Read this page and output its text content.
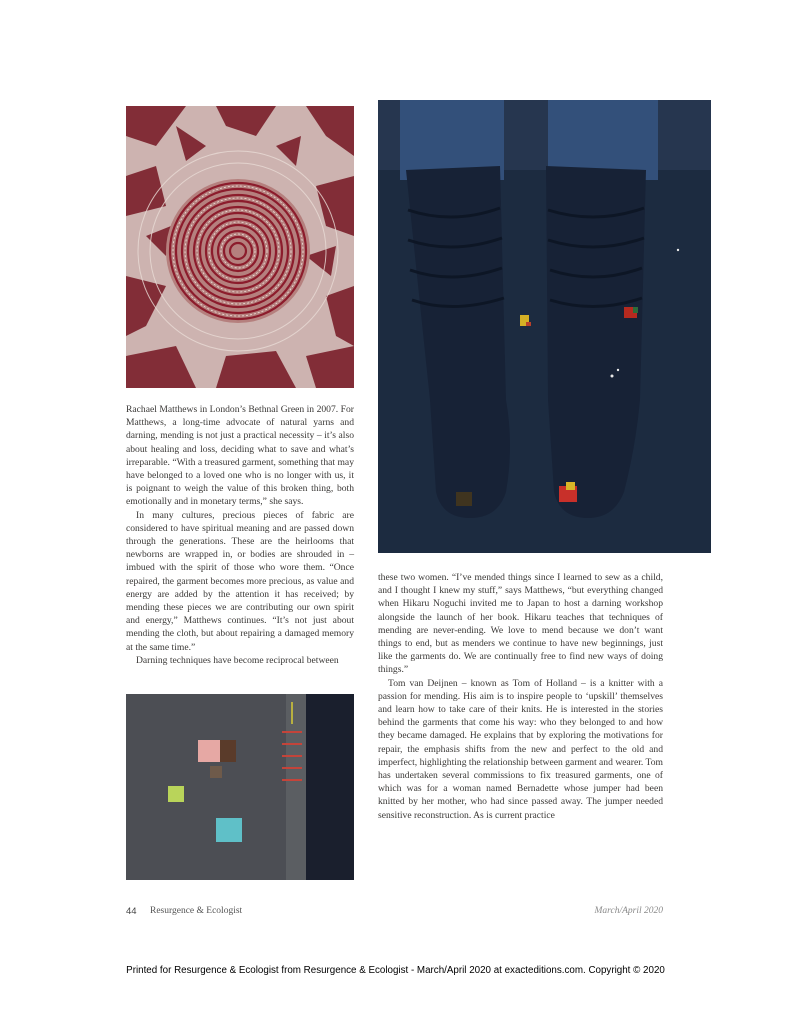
Rachael Matthews in London’s Bethnal Green in 2007. For Matthews, a long-time advocate of natural yarns and darning, mending is not just a practical necessity – it’s also about healing and loss, deciding what to save and what’s irreparable. “With a treasured garment, something that may have belonged to a loved one who is no longer with us, it is poignant to weigh the value of this broken thing, both emotionally and in monetary terms,” she says.

In many cultures, precious pieces of fabric are considered to have spiritual meaning and are passed down through the generations. These are the heirlooms that newborns are wrapped in, or bodies are shrouded in – imbued with the spirit of those who wore them. “Once repaired, the garment becomes more precious, as value and energy are added by the attention it has received; by mending these pieces we are contributing our own spirit and energy,” Matthews continues. “It’s not just about mending the cloth, but about repairing a damaged memory at the same time.”

Darning techniques have become reciprocal between

these two women. “I’ve mended things since I learned to sew as a child, and I thought I knew my stuff,” says Matthews, “but everything changed when Hikaru Noguchi invited me to Japan to host a darning workshop alongside the launch of her book. Hikaru teaches that techniques of mending are never-ending. We love to mend because we don’t want things to end, but as menders we continue to have new beginnings, just like the garments do. We are continually free to find new ways of doing things.”

Tom van Deijnen – known as Tom of Holland – is a knitter with a passion for mending. His aim is to inspire people to ‘upskill’ themselves and learn how to take care of their knits. He is interested in the stories behind the garments that come his way: who they belonged to and how they became damaged. He explains that by exploring the motivations for repair, the emphasis shifts from the new and perfect to the old and imperfect, highlighting the relationship between garment and wearer. Tom has undertaken several commissions to fix treasured garments, one of which was for a woman named Bernadette whose jumper had been knitted by her mother, who had since passed away. The jumper needed sensitive reconstruction. As is current practice

44 Resurgence & Ecologist	March/April 2020
Printed for Resurgence & Ecologist from Resurgence & Ecologist - March/April 2020 at exacteditions.com. Copyright © 2020
